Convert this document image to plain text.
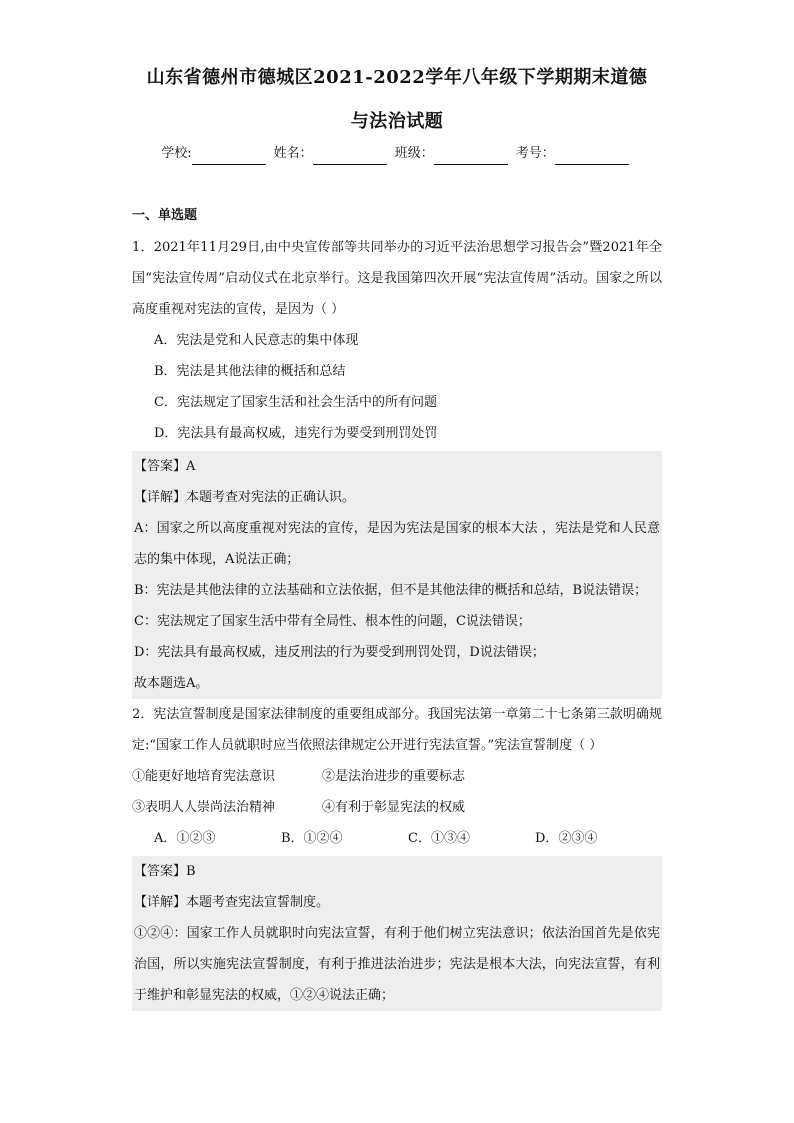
山东省德州市德城区2021-2022学年八年级下学期期末道德
与法治试题
学校:	姓名：	班级：	考号：

一、单选题

1．2021年11月29日,由中央宣传部等共同举办的习近平法治思想学习报告会”暨2021年全国“宪法宣传周”启动仪式在北京举行。这是我国第四次开展“宪法宣传周”活动。国家之所以高度重视对宪法的宣传，是因为（ ）

A．宪法是党和人民意志的集中体现

B．宪法是其他法律的概括和总结

C．宪法规定了国家生活和社会生活中的所有问题

D．宪法具有最高权威，违宪行为要受到刑罚处罚

【答案】A

【详解】本题考查对宪法的正确认识。

A：国家之所以高度重视对宪法的宣传，是因为宪法是国家的根本大法 ，宪法是党和人民意志的集中体现，A说法正确；

B：宪法是其他法律的立法基础和立法依据，但不是其他法律的概括和总结，B说法错误；

C：宪法规定了国家生活中带有全局性、根本性的问题，C说法错误；

D：宪法具有最高权威，违反刑法的行为要受到刑罚处罚，D说法错误；

故本题选A。

2．宪法宣誓制度是国家法律制度的重要组成部分。我国宪法第一章第二十七条第三款明确规定:“国家工作人员就职时应当依照法律规定公开进行宪法宣誓。”宪法宣誓制度（ ）

①能更好地培育宪法意识	②是法治进步的重要标志
③表明人人崇尚法治精神	④有利于彰显宪法的权威
A．①②③	B．①②④	C．①③④	D．②③④

【答案】B

【详解】本题考查宪法宣誓制度。

①②④：国家工作人员就职时向宪法宣誓，有利于他们树立宪法意识；依法治国首先是依宪治国，所以实施宪法宣誓制度，有利于推进法治进步；宪法是根本大法，向宪法宣誓，有利于维护和彰显宪法的权威，①②④说法正确；
